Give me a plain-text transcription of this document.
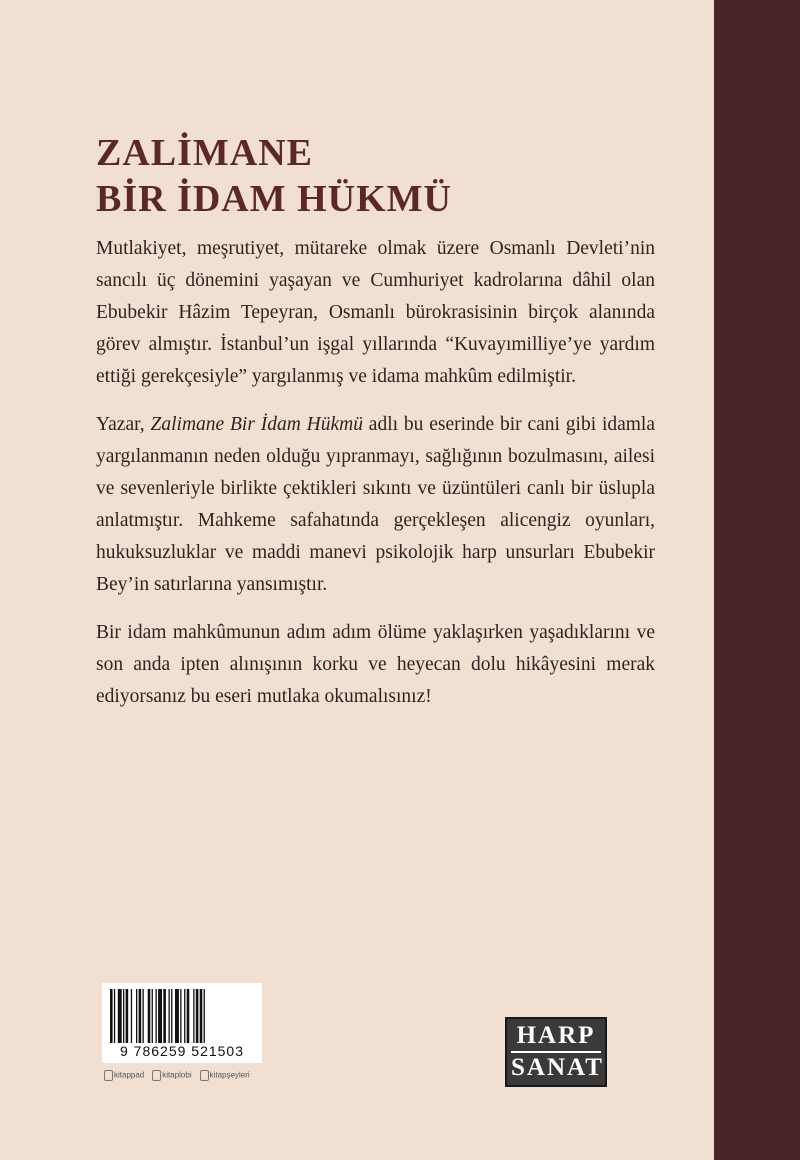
ZALİMANE
BİR İDAM HÜKMÜ

Mutlakiyet, meşrutiyet, mütareke olmak üzere Osmanlı Devleti’nin sancılı üç dönemini yaşayan ve Cumhuriyet kadrolarına dâhil olan Ebubekir Hâzim Tepeyran, Osmanlı bürokrasisinin birçok alanında görev almıştır. İstanbul’un işgal yıllarında “Kuvayımilliye’ye yardım ettiği gerekçesiyle” yargılanmış ve idama mahkûm edilmiştir.

Yazar, Zalimane Bir İdam Hükmü adlı bu eserinde bir cani gibi idamla yargılanmanın neden olduğu yıpranmayı, sağlığının bozulmasını, ailesi ve sevenleriyle birlikte çektikleri sıkıntı ve üzüntüleri canlı bir üslupla anlatmıştır. Mahkeme safahatında gerçekleşen alicengiz oyunları, hukuksuzluklar ve maddi manevi psikolojik harp unsurları Ebubekir Bey’in satırlarına yansımıştır.

Bir idam mahkûmunun adım adım ölüme yaklaşırken yaşadıklarını ve son anda ipten alınışının korku ve heyecan dolu hikâyesini merak ediyorsanız bu eseri mutlaka okumalısınız!

9 786259 521503
kitappad	kitaplobi	kitapşeyleri
HARP
SANAT
